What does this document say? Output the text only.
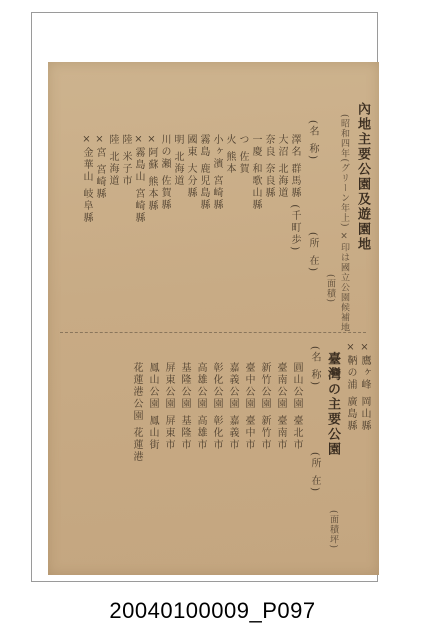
內地主要公園及遊園地
(昭和四年(グリーン年上) ×印は國立公園候補地
(面積)
(名 称)
(所 在)
澤名 群馬縣 (千町歩)
大沼 北海道
奈良 奈良縣
一慶 和歌山縣
つ 佐賀
火 熊本
小ヶ濱 宮崎縣
霧島 鹿児島縣
國東 大分縣
明 北海道
川の瀬 佐賀縣
×阿蘇 熊本縣
×霧島山 宮崎縣
陸 米子市
陸 北海道
×宮 宮崎縣
×金華山 岐阜縣
×鷹ヶ峰 岡山縣
×鞆の浦 廣島縣
臺灣の主要公園
(面積坪)
(名 称)
(所 在)
圓山公園 臺北市
臺南公園 臺南市
新竹公園 新竹市
臺中公園 臺中市
嘉義公園 嘉義市
彰化公園 彰化市
高雄公園 高雄市
基隆公園 基隆市
屏東公園 屏東市
鳳山公園 鳳山街
花蓮港公園 花蓮港
20040100009_P097
